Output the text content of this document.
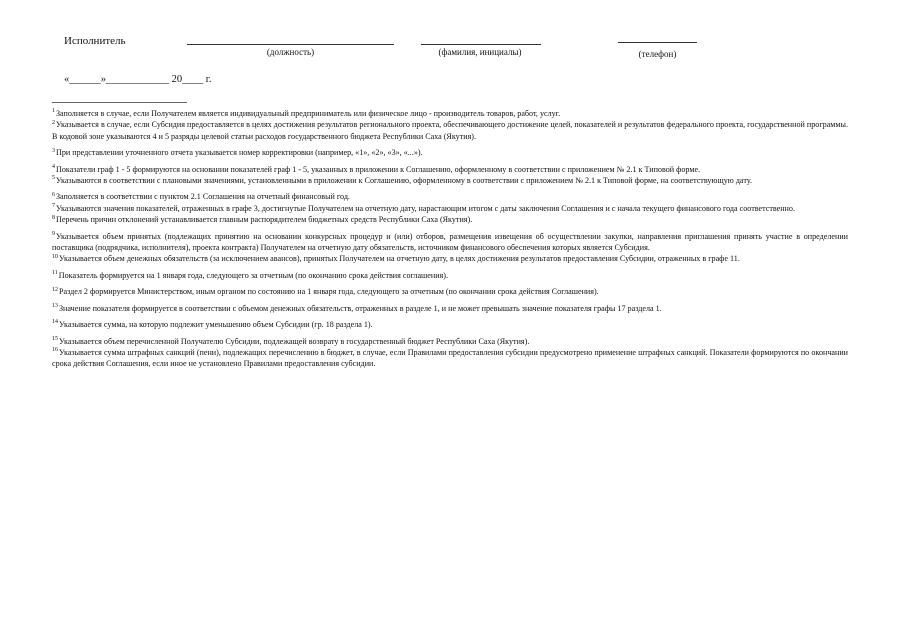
Исполнитель
(должность)	(фамилия, инициалы)	(телефон)
«______»____________ 20____ г.

$^1$Заполняется в случае, если Получателем является индивидуальный предприниматель или физическое лицо - производитель товаров, работ, услуг.

$^2$Указывается в случае, если Субсидия предоставляется в целях достижения результатов регионального проекта, обеспечивающего достижение целей, показателей и результатов федерального проекта, государственной программы. В кодовой зоне указываются 4 и 5 разряды целевой статьи расходов государственного бюджета Республики Саха (Якутия).

$^3$При представлении уточненного отчета указывается номер корректировки (например, «1», «2», «3», «...»).

$^4$Показатели граф 1 - 5 формируются на основании показателей граф 1 - 5, указанных в приложении к Соглашению, оформленному в соответствии с приложением № 2.1 к Типовой форме.

$^5$Указываются в соответствии с плановыми значениями, установленными в приложении к Соглашению, оформленному в соответствии с приложением № 2.1 к Типовой форме, на соответствующую дату.

$^6$Заполняется в соответствии с пунктом 2.1 Соглашения на отчетный финансовый год.

$^7$Указываются значения показателей, отраженных в графе 3, достигнутые Получателем на отчетную дату, нарастающим итогом с даты заключения Соглашения и с начала текущего финансового года соответственно.

$^8$Перечень причин отклонений устанавливается главным распорядителем бюджетных средств Республики Саха (Якутия).

$^9$Указывается объем принятых (подлежащих принятию на основании конкурсных процедур и (или) отборов, размещения извещения об осуществлении закупки, направления приглашения принять участие в определении поставщика (подрядчика, исполнителя), проекта контракта) Получателем на отчетную дату обязательств, источником финансового обеспечения которых является Субсидия.

$^{10}$Указывается объем денежных обязательств (за исключением авансов), принятых Получателем на отчетную дату, в целях достижения результатов предоставления Субсидии, отраженных в графе 11.

$^{11}$Показатель формируется на 1 января года, следующего за отчетным (по окончанию срока действия соглашения).

$^{12}$Раздел 2 формируется Министерством, иным органом по состоянию на 1 января года, следующего за отчетным (по окончании срока действия Соглашения).

$^{13}$Значение показателя формируется в соответствии с объемом денежных обязательств, отраженных в разделе 1, и не может превышать значение показателя графы 17 раздела 1.

$^{14}$Указывается сумма, на которую подлежит уменьшению объем Субсидии (гр. 18 раздела 1).

$^{15}$Указывается объем перечисленной Получателю Субсидии, подлежащей возврату в государственный бюджет Республики Саха (Якутия).

$^{16}$Указывается сумма штрафных санкций (пени), подлежащих перечислению в бюджет, в случае, если Правилами предоставления субсидии предусмотрено применение штрафных санкций. Показатели формируются по окончании срока действия Соглашения, если иное не установлено Правилами предоставления субсидии.
